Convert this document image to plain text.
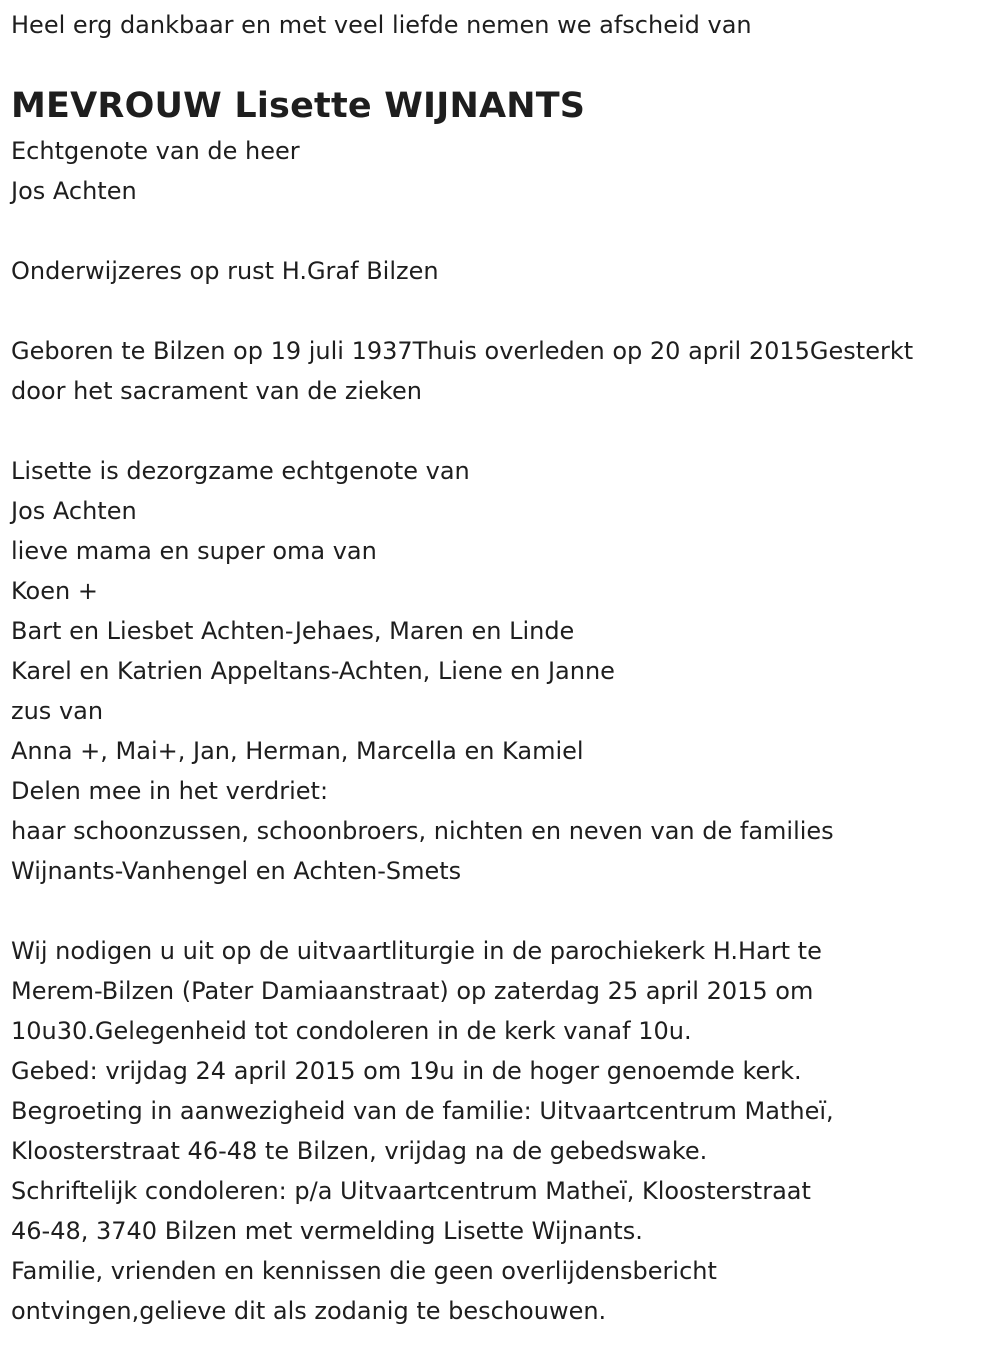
Heel erg dankbaar en met veel liefde nemen we afscheid van
MEVROUW Lisette WIJNANTS
Echtgenote van de heer
Jos Achten
Onderwijzeres op rust H.Graf Bilzen
Geboren te Bilzen op 19 juli 1937Thuis overleden op 20 april 2015Gesterkt
door het sacrament van de zieken
Lisette is dezorgzame echtgenote van
Jos Achten
lieve mama en super oma van
Koen +
Bart en Liesbet Achten-Jehaes, Maren en Linde
Karel en Katrien Appeltans-Achten, Liene en Janne
zus van
Anna +, Mai+, Jan, Herman, Marcella en Kamiel
Delen mee in het verdriet:
haar schoonzussen, schoonbroers, nichten en neven van de families
Wijnants-Vanhengel en Achten-Smets
Wij nodigen u uit op de uitvaartliturgie in de parochiekerk H.Hart te
Merem-Bilzen (Pater Damiaanstraat) op zaterdag 25 april 2015 om
10u30.Gelegenheid tot condoleren in de kerk vanaf 10u.
Gebed: vrijdag 24 april 2015 om 19u in de hoger genoemde kerk.
Begroeting in aanwezigheid van de familie: Uitvaartcentrum Matheï,
Kloosterstraat 46-48 te Bilzen, vrijdag na de gebedswake.
Schriftelijk condoleren: p/a Uitvaartcentrum Matheï, Kloosterstraat
46-48, 3740 Bilzen met vermelding Lisette Wijnants.
Familie, vrienden en kennissen die geen overlijdensbericht
ontvingen,gelieve dit als zodanig te beschouwen.
